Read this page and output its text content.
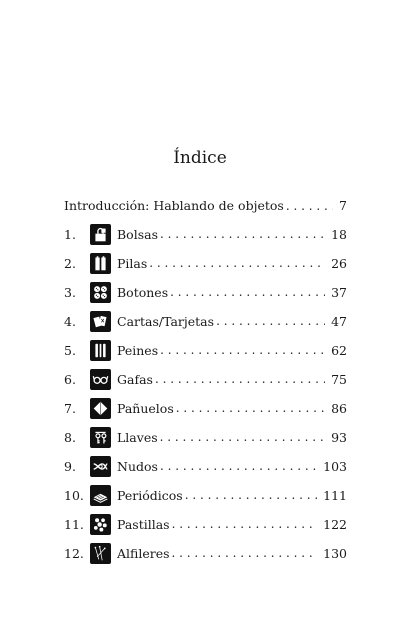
Índice
Introducción: Hablando de objetos . . .	7
1.	Bolsas . . .	18
2.	Pilas . . .	26
3.	Botones . . .	37
4.	Cartas/Tarjetas . . .	47
5.	Peines . . .	62
6.	Gafas . . .	75
7.	Pañuelos . . .	86
8.	Llaves . . .	93
9.	Nudos . . .	103
10.	Periódicos . . .	111
11.	Pastillas . . .	122
12.	Alfileres . . .	130
